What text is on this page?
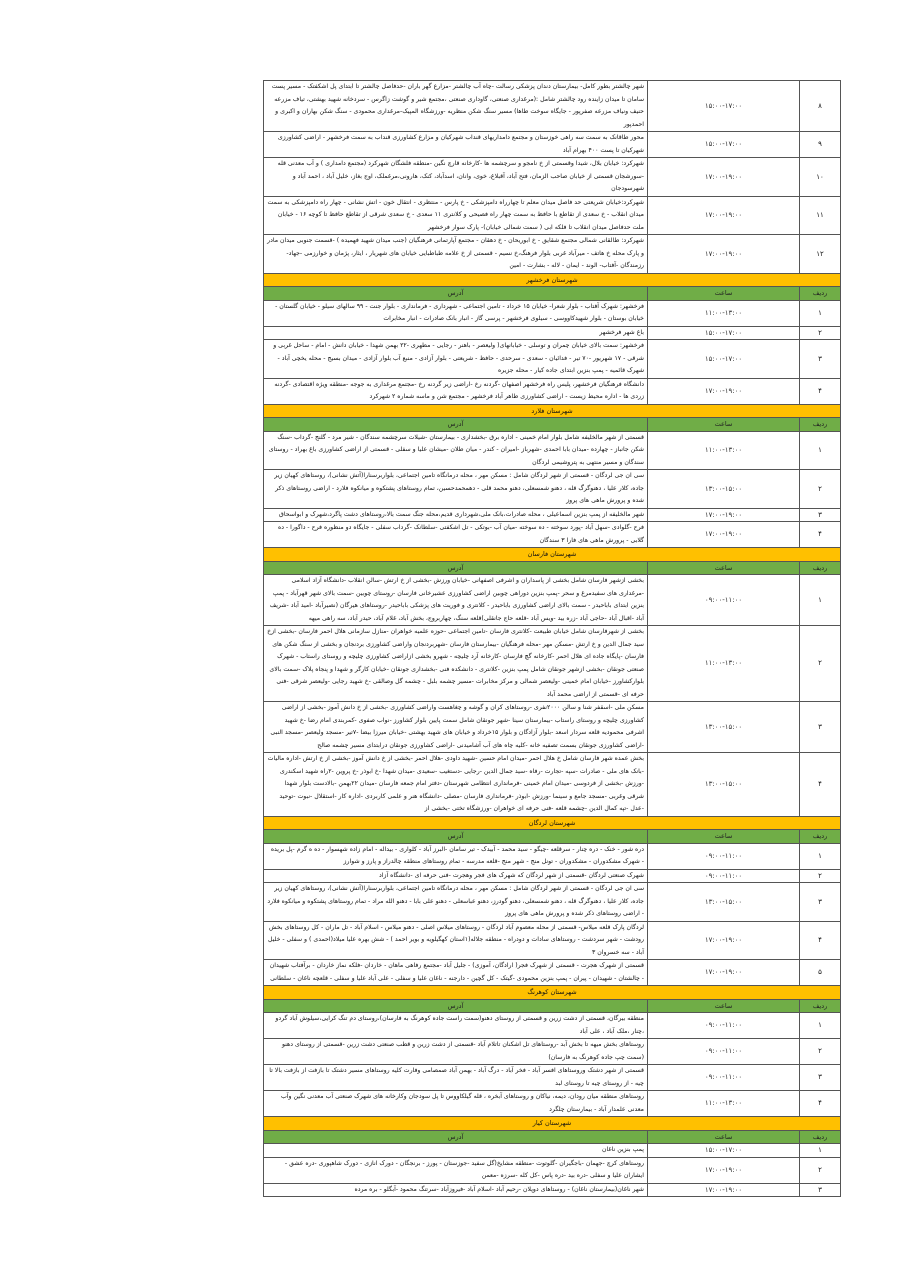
۸	۱۵:۰۰-۱۷:۰۰	شهر چالشتر بطور کامل- بیمارستان دندان پزشکی رسالت -چاه آب چالشتر -مزارع گهر باران -حدفاصل چالشتر تا ابتدای پل اشکفتک - مسیر پست سامان تا میدان زاینده رود چالشتر شامل :(مرغداری صنعتی، گاوداری صنعتی ،مجتمع شیر و گوشت زاگرس - سردخانه شهید بهشتی، تیاف مزرعه حنیف ونیاف مزرعه صفرپور - جایگاه سوخت طاها) مسیر سنگ شکن منظریه -ورزشگاه المپیک-مرغداری محمودی - سنگ شکن بهاران و اکبری و احمدپور
۹	۱۵:۰۰-۱۷:۰۰	محور طاقانک به سمت سه راهی خوزستان و مجتمع دامداریهای قنداب شهرکیان و مزارع کشاورزی قنداب به سمت فرخشهر - اراضی کشاورزی شهرکیان تا پست ۴۰۰ بهرام آباد
۱۰	۱۷:۰۰-۱۹:۰۰	شهرکرد: خیابان بلال، شیدا وقسمتی از خ نامجو و سرچشمه ها -کارخانه قارچ نگین -منطقه فلشگان شهرکرد (مجتمع دامداری ) و آب معدنی قله -سورشجان قسمتی از خیابان صاحب الزمان، فتح آباد، آقبلاغ، خوی، وانان، اسدآباد، کنک، هارونی،مرغملک، اوج بغاز، خلیل آباد ، احمد آباد و شهرسودجان
۱۱	۱۷:۰۰-۱۹:۰۰	شهرکرد:خیابان شریعتی حد فاصل میدان معلم تا چهارراه دامپزشکی - خ پارس - منتظری - انتقال خون - اتش نشانی - چهار راه دامپزشکی به سمت میدان انقلاب - خ سعدی از تقاطع با حافظ به سمت چهار راه فصیحی و کلانتری ۱۱ سعدی - خ سعدی شرقی از تقاطع حافظ تا کوچه ۱۶ - خیابان ملت حدفاصل میدان انقلاب تا فلکه ابی ( سمت شمالی خیابان)- پارک سوار فرخشهر
۱۲	۱۷:۰۰-۱۹:۰۰	شهرکرد: طالقانی شمالی مجتمع شقایق - خ ابوریحان - خ دهقان - مجتمع آپارتمانی فرهنگیان (جنب میدان شهید فهمیده ) -قسمت جنوبی میدان مادر و پارک محله خ هاتف - میرآباد غربی بلوار فرهنگ،خ نسیم - قسمتی از خ علامه طباطبایی خیابان های شهریار ، ایثار، پژمان و خوارزمی -جهاد- رزمندگان -آفتاب- الوند - ایمان - لاله - بشارت - امین
شهرستان فرخشهر		
ردیف	ساعت	آدرس
۱	۱۱:۰۰-۱۳:۰۰	فرخشهر: شهرک آفتاب - بلوار شعرا- خیابان ۱۵ خرداد - تامین اجتماعی - شهرداری - فرمانداری - بلوار جنت - ۹۹ سالهای سیلو - خیابان گلستان - خیابان بوستان - بلوار شهیدکاووسی - سیلوی فرخشهر - پرسی گاز - انبار بانک صادرات - انبار مخابرات
۲	۱۵:۰۰-۱۷:۰۰	باغ شهر فرخشهر
۳	۱۵:۰۰-۱۷:۰۰	فرخشهر: سمت بالای خیابان چمران و توسلی - خیابانهای( ولیعصر - باهنر - رجایی - مطهری -۲۲ بهمن شهدا - خیابان دانش - امام - ساحل غربی و شرقی - ۱۷ شهریور -۷۰ تیر - فدائیان - سعدی - سرحدی - حافظ - شریعتی - بلوار آزادی - منبع آب بلوار آزادی - میدان بسیج - محله یخچی آباد - شهرک قائمیه - پمپ بنزین ابتدای جاده کیار - محله جزیره
۴	۱۷:۰۰-۱۹:۰۰	دانشگاه فرهنگیان فرخشهر، پلیس راه فرخشهر اصفهان -گردنه رخ -اراضی زیر گردنه رخ -مجتمع مرغداری به جوجه -منطقه ویژه اقتصادی -گردنه زردی ها - اداره محیط زیست - اراضی کشاورزی طاهر آباد فرخشهر - مجتمع شن و ماسه شماره ۲ شهرکرد
شهرستان فلارد		
ردیف	ساعت	آدرس
۱	۱۱:۰۰-۱۳:۰۰	قسمتی از شهر مالخلیفه شامل بلوار امام خمینی - اداره برق -بخشداری - بیمارستان -شیلات سرچشمه سندگان - شیر مرد - گلنج -گرداب -سنگ شکن جانباز - چهارده -میدان بابا احمدی -شهرباز -امیران - کندر - میان طلان -میشان علیا و سفلی - قسمتی از اراضی کشاورزی باغ بهراد - روستای سندگان و مسیر منتهی به پتروشیمی لردگان
۲	۱۳:۰۰-۱۵:۰۰	سی ان جی لردگان - قسمتی از شهر لردگان شامل : مسکن مهر ، محله درمانگاه تامین اجتماعی، بلواربرسنارا(آتش نشانی)، روستاهای کهیان زیر جاده، کلار علیا ، دهنوگرگ قله ، دهنو شمسعلی، دهنو محمد قلی - دهمحمدحسین، تمام روستاهای پشتکوه و میانکوه فلارد - اراضی روستاهای ذکر شده و پرورش ماهی های پروز
۳	۱۷:۰۰-۱۹:۰۰	شهر مالخلیفه از پمپ بنزین اسماعیلی ، محله صادرات،بانک ملی،شهرداری قدیم،محله جنگ سمت بالا،روستاهای دشت پاگرد،شهرک و ابواسحاق
۴	۱۷:۰۰-۱۹:۰۰	فرح -گلوادی -سهل آباد -پورد سوخته - ده سوخته -میان آب -بوتکی - تل اشکفتی -سلطانک -گرداب سفلی - جایگاه دو منظوره فرح - داگورا - ده گلابی - پرورش ماهی های فارا ۳ سندگان
شهرستان فارسان		
ردیف	ساعت	آدرس
۱	۰۹:۰۰-۱۱:۰۰	بخشی ازشهر فارسان شامل بخشی از پاسداران و اشرفی اصفهانی -خیابان ورزش -بخشی از خ ارتش -سالن انقلاب -دانشگاه آزاد اسلامی -مرغداری های سفیدمرغ و سحر -پمپ بنزین دوراهی چوبین اراضی کشاورزی عشیرخانی فارسان -روستای چوبین -سمت بالای شهر قهرآباد - پمپ بنزین ابتدای باباحیدر - سمت بالای اراضی کشاورزی باباحیدر - کلانتری و فوریت های پزشکی باباحیدر -روستاهای هیرگان (نصیرآباد -امید آباد -شریف آباد -اقبال آباد -حاجی آباد -زره بید -ویس آباد -قلعه حاج جانقلی)قلعه سنگ، چهاربروج، بخش آباد، غلام آباد، حیدر آباد، سه راهی میهه
۲	۱۱:۰۰-۱۳:۰۰	بخشی از شهرفارسان شامل خیابان طبیعت -کلانتری فارسان -تامین اجتماعی -حوزه علمیه خواهران -منازل سازمانی هلال احمر فارسان -بخشی ازخ سید جمال الدین و خ ارتش -مسکن مهر -محله فرهنگیان -بیمارستان فارسان -شهربردنجان واراضی کشاورزی بردنجان و بخشی از سنگ شکن های فارسان -پایگاه جاده ای هلال احمر -کارخانه گچ فارسان -کارخانه آرد چلیچه - شهرو بخشی ازاراضی کشاورزی چلیچه و روستای راستاب - شهرک صنعتی جونقان -بخشی ازشهر جونقان شامل پمپ بنزین -کلانتری - دانشکده فنی -بخشداری جونقان -خیابان کارگر و شهدا و پنجاه پلاک -سمت بالای بلوارکشاورز -خیابان امام خمینی -ولیعصر شمالی و مرکز مخابرات -مسیر چشمه بلبل - چشمه گل وصالقی -خ شهید رجایی -ولیعصر شرقی -فنی حرفه ای -قسمتی از اراضی محمد آباد
۳	۱۳:۰۰-۱۵:۰۰	مسکن ملی -اسقفر شنا و سالن ۲۰۰۰نفری -روستاهای کران و گوشه و چغاهست واراضی کشاورزی -بخشی از خ دانش آموز -بخشی از اراضی کشاورزی چلیچه و روستای راستاب -بیمارستان سینا -شهر جونقان شامل سمت پایین بلوار کشاورز -نواب صفوی -کمربندی امام رضا -خ شهید اشرفی محمودیه قلعه سردار اسعد -بلوار آزادگان و بلوار ۱۵خرداد و خیابان های شهید بهشتی -خیابان میرزا بیضا -۷تیر -مسجد ولیعصر -مسجد النبی -اراضی کشاورزی جونقان بسمت تصفیه خانه -کلیه چاه های آب آشامیدنی -اراضی کشاورزی جونقان درابتدای مسیر چشمه صالح
۴	۱۳:۰۰-۱۵:۰۰	بخش عمده شهر فارسان شامل خ هلال احمر -میدان امام حسین -شهید داودی -هلال احمر -بخشی از خ دانش آموز -بخشی از خ ارتش -اداره مالیات -بانک های ملی - صادرات -سپه -تجارت -رفاه -سید جمال الدین -رجایی -دستغیب -سعیدی -میدان شهدا -خ ابوذر -خ پروین -۲راه شهید اسکندری -ورزش -بخشی از فردوسی -میدان امام خمینی -فرمانداری انتظامی شهرستان -دفتر امام جمعه فارسان -میدان ۲۲بهمن -بالادست بلوار شهدا شرقی وغربی -مسجد جامع و سینما -ورزش -ابوذر -فرمانداری فارسان -مصلی -دانشگاه هنر و علمی کاربردی -اداره کار -استقلال -نبوت -توحید -عدل -تپه کمال الدین -چشمه قلعه -فنی حرفه ای خواهران -ورزشگاه تختی -بخشی از
شهرستان لردگان		
ردیف	ساعت	آدرس
۱	۰۹:۰۰-۱۱:۰۰	دره شور - خنک - دره چنار - سرقلعه -چیگو - سید محمد - آبیدک - تیر سامان -البرز آباد - کلواری - بیداله - امام زاده شهسوار - ده ه گرم -پل بریده - شهرک مشکدوران - مشکدوران - تونل منج - شهر منج -قلعه مدرسه - تمام روستاهای منطقه چالدراز و پارز و شوارز
۲	۰۹:۰۰-۱۱:۰۰	شهرک صنعتی لردگان -قسمتی از شهر لردگان که شهرک های فجر وهجرت -فنی حرفه ای -دانشگاه آزاد
۳	۱۳:۰۰-۱۵:۰۰	سی ان جی لردگان - قسمتی از شهر لردگان شامل : مسکن مهر ، محله درمانگاه تامین اجتماعی، بلواربرسنارا(آتش نشانی)، روستاهای کهیان زیر جاده، کلار علیا ، دهنوگرگ قله ، دهنو شمسعلی، دهنو گودرز، دهنو عباسعلی - دهنو علی بابا - دهنو الله مراد - تمام روستاهای پشتکوه و میانکوه فلارد - اراضی روستاهای ذکر شده و پرورش ماهی های پروز
۴	۱۷:۰۰-۱۹:۰۰	لردگان پارک قلعه میلاس- قسمتی از محله معصوم آباد لردگان - روستاهای میلاس اصلی - دهنو میلاس - اسلام آباد - تل ماران - کل روستاهای بخش رودشت - شهر سردشت - روستاهای سادات و دودراه - منطقه جلاله(۱استان کهگیلویه و بویر احمد ) - شش بهره علیا میلاد(احمدی ) و سفلی - خلیل آباد - سه خسروان ۳
۵	۱۷:۰۰-۱۹:۰۰	قسمتی از شهرک هجرت - قسمتی از شهرک فجر( ارادگان، آموزی) - جلیل آباد -مجتمع رفاهی ماهان - خاردان -فلکه نماز خاردان - برآفتاب شهیدان - چالشتان - شهیدان - پیران - پمپ بنزین محمودی -گیتک - کل گچین - دارجنه - ناغان علیا و سفلی - علی آباد علیا و سفلی - قلعچه ناغان - سلطانی
شهرستان کوهرنگ		
ردیف	ساعت	آدرس
۱	۰۹:۰۰-۱۱:۰۰	منطقه بیرگان، قسمتی از دشت زرین و قسمتی از روستای دهنو(سمت راست جاده کوهرنگ به فارسان)،روستای دم تنگ کرایی،سیلوش آباد گردو ،چنار ،ملک آباد ، علی آباد
۲	۰۹:۰۰-۱۱:۰۰	روستاهای بخش میهه تا بخش آبد -روستاهای تل اشکنان تاتلام آباد -قسمتی از دشت زرین و قطب صنعتی دشت زرین -قسمتی از روستای دهنو (سمت چپ جاده کوهرنگ به فارسان)
۳	۰۹:۰۰-۱۱:۰۰	قسمتی از شهر دشتک وروستاهای افسر آباد - فخر آباد - درگ آباد - بهمن آباد صمصامی وفارت کلیه روستاهای مسیر دشتک تا بازفت از بازفت بالا تا چیه - از روستای چیه تا روستای لبد
۴	۱۱:۰۰-۱۳:۰۰	روستاهای منطقه میان رودان، دیمه، نیاکان و روستاهای آبخره ، قله گیلکاووس تا پل سودجان وکارخانه های شهرک صنعتی آب معدنی نگین وآب معدنی علمدار آباد - بیمارستان چلگرد
شهرستان کیار		
ردیف	ساعت	آدرس
۱	۱۵:۰۰-۱۷:۰۰	پمپ بنزین ناغان
۲	۱۷:۰۰-۱۹:۰۰	روستاهای کرچ -جهمان -باجگیران -گلوتوت -منطقه مشایخ(گل سفید -جوزستان - پورز - برنجگان - دورک انازی - دورک شاهپوری -دره عشق - ایشاران علیا و سفلی -دره بید -دره پاس -کل کله -سرزه -معمن
۳	۱۷:۰۰-۱۹:۰۰	شهر ناغان(بیمارستان ناغان) - روستاهای دوپلان -رحیم آباد -اسلام آباد -فیروزآباد -سرتنگ محمود -آبگلو - بره مرده
